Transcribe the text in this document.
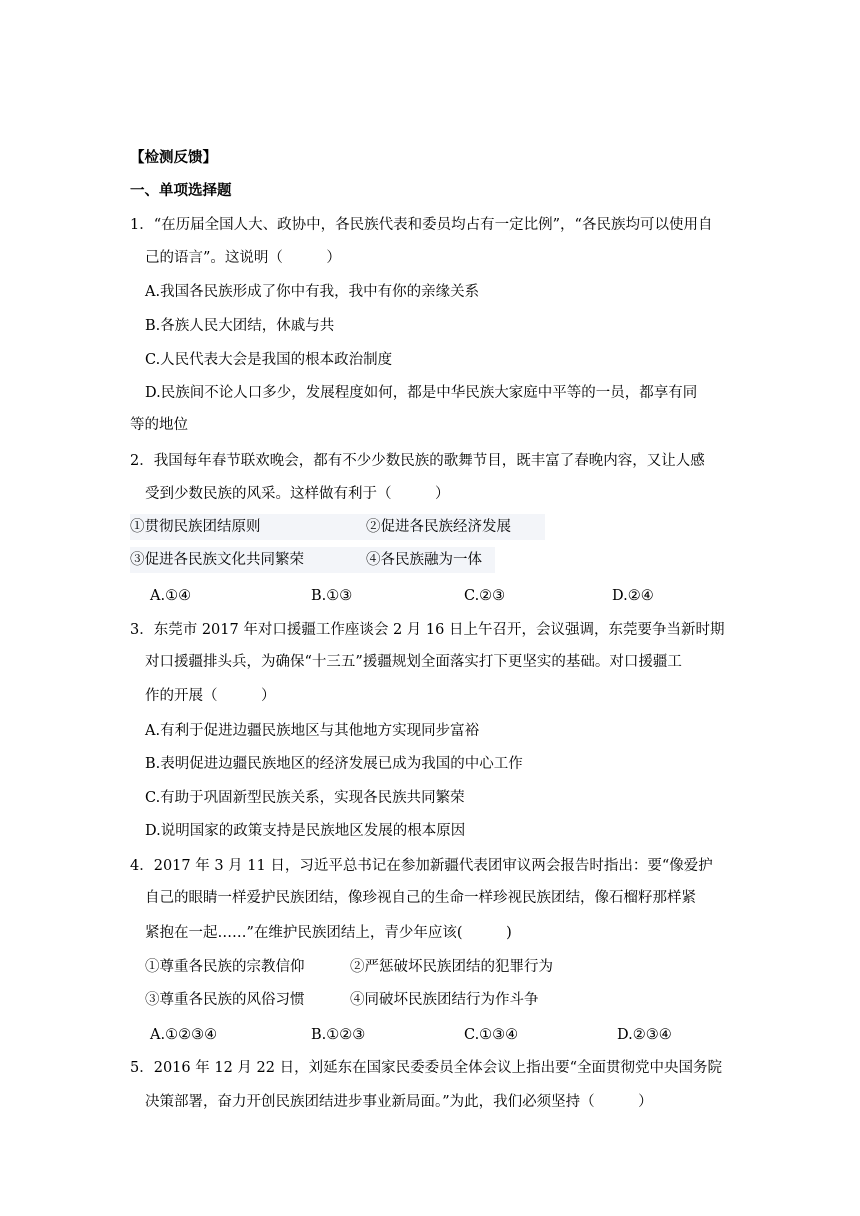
【检测反馈】
一、单项选择题
1．“在历届全国人大、政协中，各民族代表和委员均占有一定比例”，“各民族均可以使用自
己的语言”。这说明（　　　）
A.我国各民族形成了你中有我，我中有你的亲缘关系
B.各族人民大团结，休戚与共
C.人民代表大会是我国的根本政治制度
D.民族间不论人口多少，发展程度如何，都是中华民族大家庭中平等的一员，都享有同
等的地位
2．我国每年春节联欢晚会，都有不少少数民族的歌舞节目，既丰富了春晚内容，又让人感
受到少数民族的风采。这样做有利于（　　　）
①贯彻民族团结原则	②促进各民族经济发展
③促进各民族文化共同繁荣	④各民族融为一体
A.①④	B.①③	C.②③	D.②④
3．东莞市 2017 年对口援疆工作座谈会 2 月 16 日上午召开，会议强调，东莞要争当新时期
对口援疆排头兵，为确保“十三五”援疆规划全面落实打下更坚实的基础。对口援疆工
作的开展（　　　）
A.有利于促进边疆民族地区与其他地方实现同步富裕
B.表明促进边疆民族地区的经济发展已成为我国的中心工作
C.有助于巩固新型民族关系，实现各民族共同繁荣
D.说明国家的政策支持是民族地区发展的根本原因
4．2017 年 3 月 11 日，习近平总书记在参加新疆代表团审议两会报告时指出：要“像爱护
自己的眼睛一样爱护民族团结，像珍视自己的生命一样珍视民族团结，像石榴籽那样紧
紧抱在一起……”在维护民族团结上，青少年应该(　　　)
①尊重各民族的宗教信仰	②严惩破坏民族团结的犯罪行为
③尊重各民族的风俗习惯	④同破坏民族团结行为作斗争
A.①②③④	B.①②③	C.①③④	D.②③④
5．2016 年 12 月 22 日，刘延东在国家民委委员全体会议上指出要“全面贯彻党中央国务院
决策部署，奋力开创民族团结进步事业新局面。”为此，我们必须坚持（　　　）
